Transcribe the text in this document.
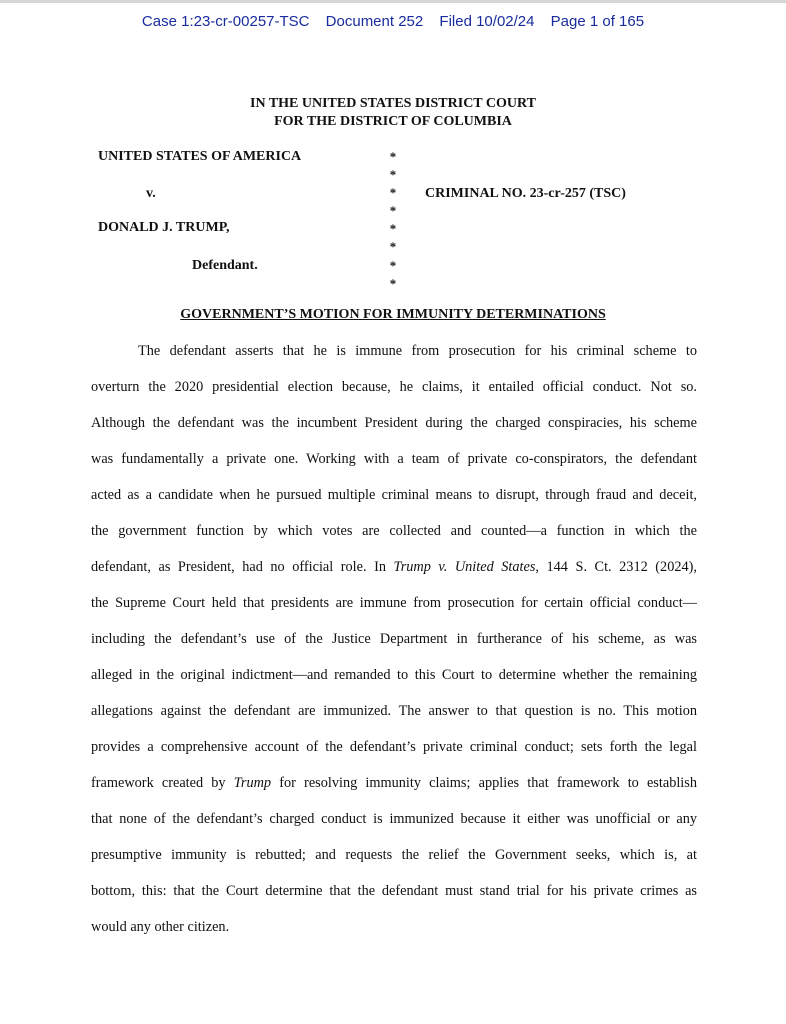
Case 1:23-cr-00257-TSC Document 252 Filed 10/02/24 Page 1 of 165
IN THE UNITED STATES DISTRICT COURT
FOR THE DISTRICT OF COLUMBIA
UNITED STATES OF AMERICA
v.
DONALD J. TRUMP,
Defendant.
*
*
*
*
*
*
*
*
CRIMINAL NO. 23-cr-257 (TSC)
GOVERNMENT’S MOTION FOR IMMUNITY DETERMINATIONS
The defendant asserts that he is immune from prosecution for his criminal scheme to
overturn the 2020 presidential election because, he claims, it entailed official conduct. Not so.
Although the defendant was the incumbent President during the charged conspiracies, his scheme
was fundamentally a private one. Working with a team of private co-conspirators, the defendant
acted as a candidate when he pursued multiple criminal means to disrupt, through fraud and deceit,
the government function by which votes are collected and counted—a function in which the
defendant, as President, had no official role. In Trump v. United States, 144 S. Ct. 2312 (2024),
the Supreme Court held that presidents are immune from prosecution for certain official conduct—
including the defendant’s use of the Justice Department in furtherance of his scheme, as was
alleged in the original indictment—and remanded to this Court to determine whether the remaining
allegations against the defendant are immunized. The answer to that question is no. This motion
provides a comprehensive account of the defendant’s private criminal conduct; sets forth the legal
framework created by Trump for resolving immunity claims; applies that framework to establish
that none of the defendant’s charged conduct is immunized because it either was unofficial or any
presumptive immunity is rebutted; and requests the relief the Government seeks, which is, at
bottom, this: that the Court determine that the defendant must stand trial for his private crimes as
would any other citizen.
